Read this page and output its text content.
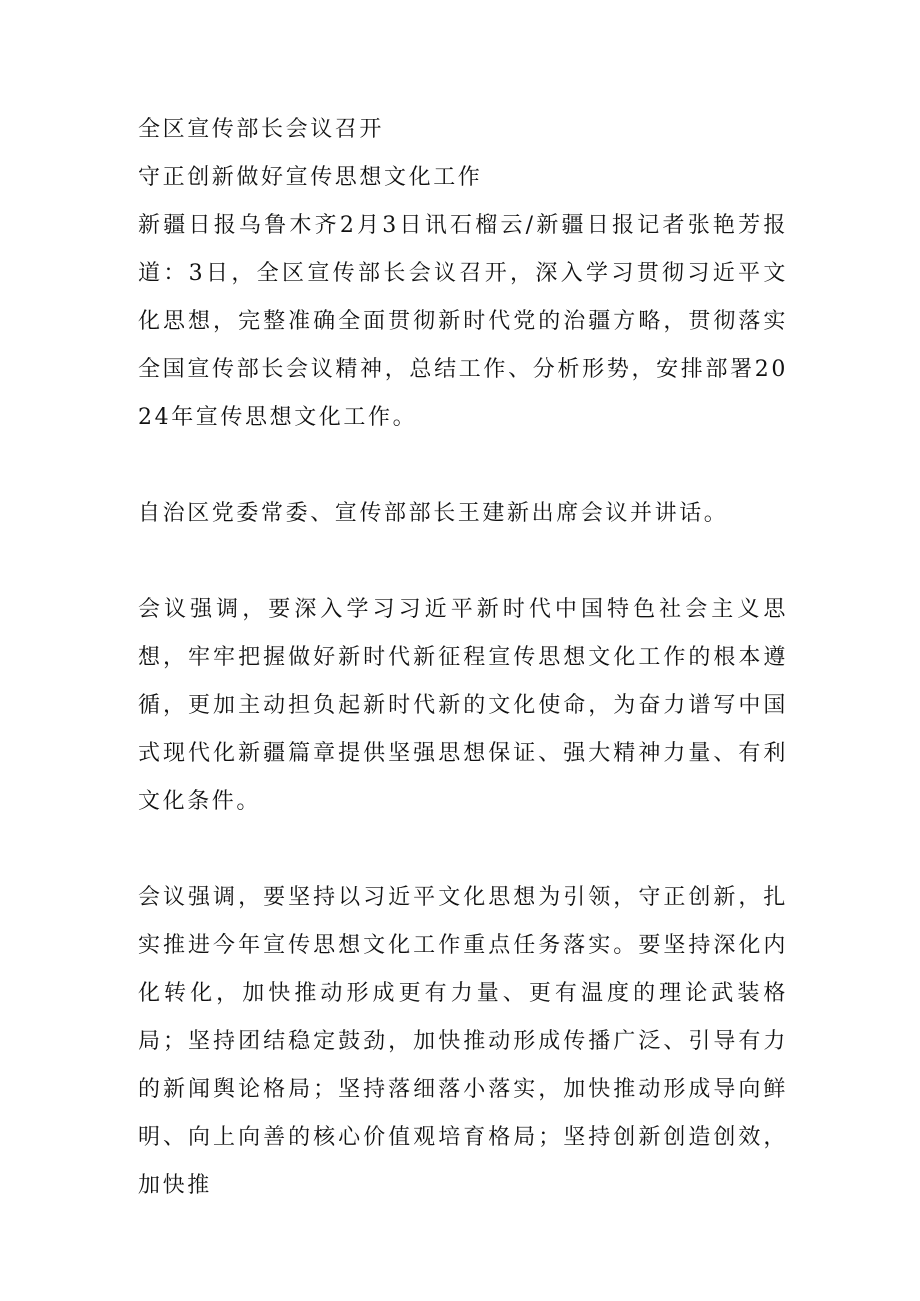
全区宣传部长会议召开

守正创新做好宣传思想文化工作

新疆日报乌鲁木齐2月3日讯石榴云/新疆日报记者张艳芳报道：3日，全区宣传部长会议召开，深入学习贯彻习近平文化思想，完整准确全面贯彻新时代党的治疆方略，贯彻落实全国宣传部长会议精神，总结工作、分析形势，安排部署2024年宣传思想文化工作。

自治区党委常委、宣传部部长王建新出席会议并讲话。

会议强调，要深入学习习近平新时代中国特色社会主义思想，牢牢把握做好新时代新征程宣传思想文化工作的根本遵循，更加主动担负起新时代新的文化使命，为奋力谱写中国式现代化新疆篇章提供坚强思想保证、强大精神力量、有利文化条件。

会议强调，要坚持以习近平文化思想为引领，守正创新，扎实推进今年宣传思想文化工作重点任务落实。要坚持深化内化转化，加快推动形成更有力量、更有温度的理论武装格局；坚持团结稳定鼓劲，加快推动形成传播广泛、引导有力的新闻舆论格局；坚持落细落小落实，加快推动形成导向鲜明、向上向善的核心价值观培育格局；坚持创新创造创效，加快推
